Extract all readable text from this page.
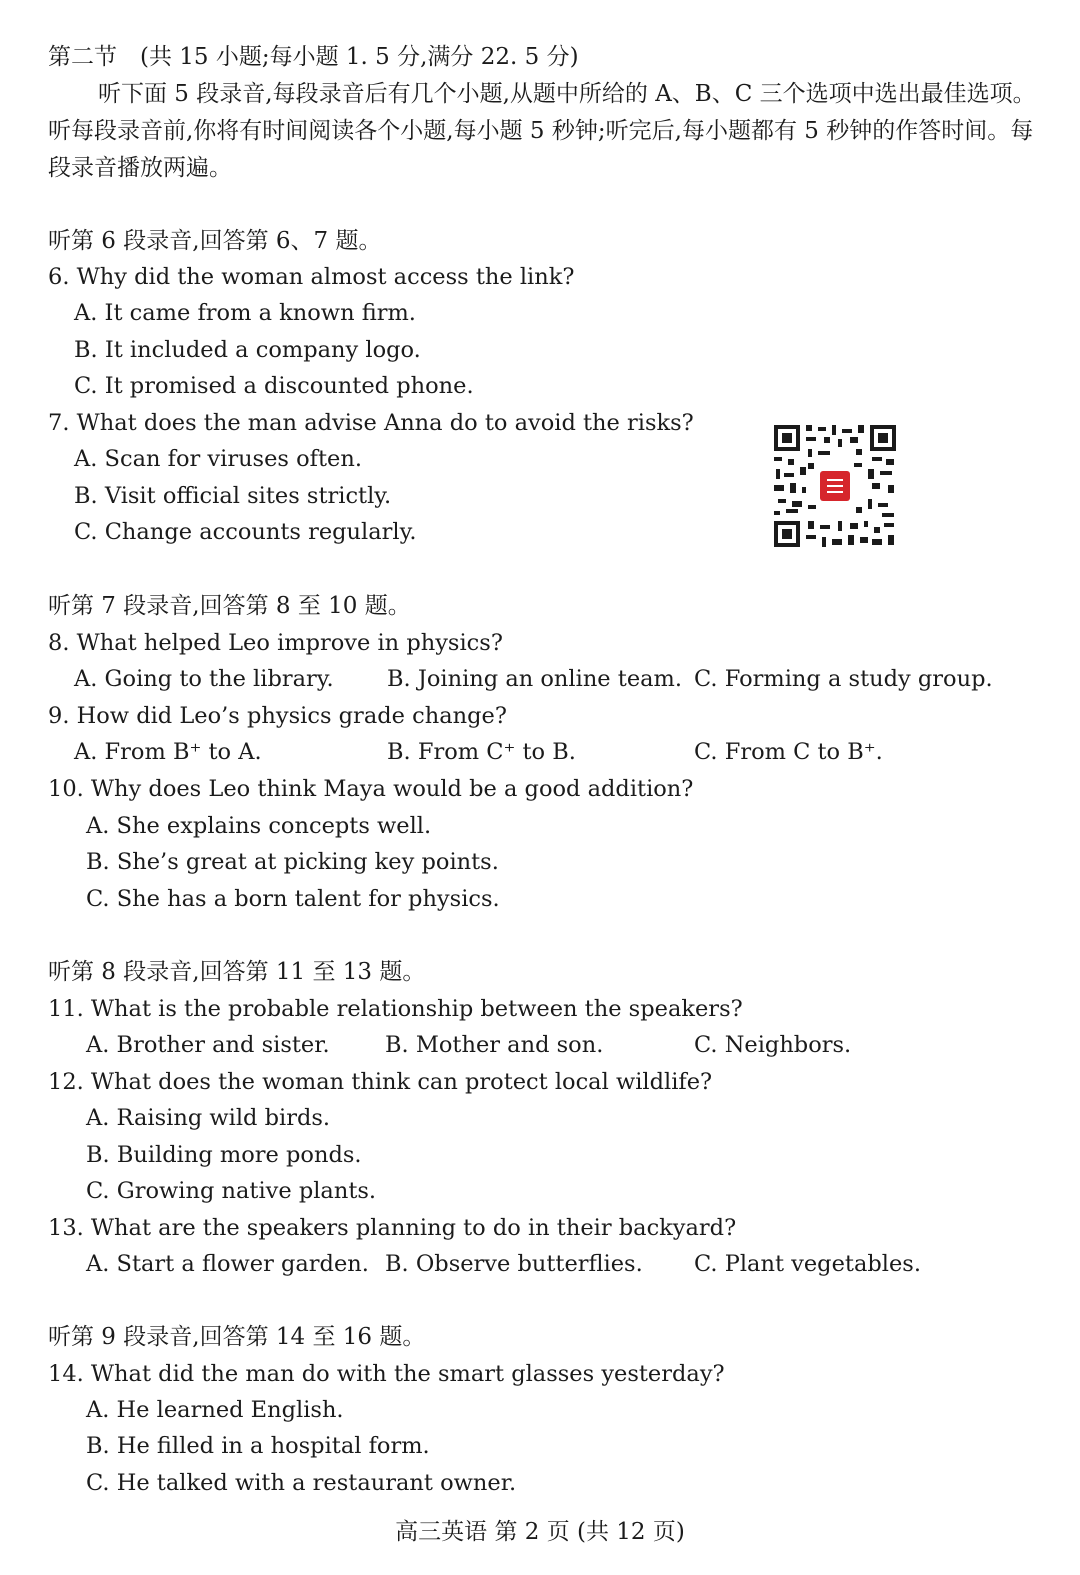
第二节　(共 15 小题;每小题 1. 5 分,满分 22. 5 分)

听下面 5 段录音,每段录音后有几个小题,从题中所给的 A、B、C 三个选项中选出最佳选项。听每段录音前,你将有时间阅读各个小题,每小题 5 秒钟;听完后,每小题都有 5 秒钟的作答时间。每段录音播放两遍。

听第 6 段录音,回答第 6、7 题。
6. Why did the woman almost access the link?
A. It came from a known firm.
B. It included a company logo.
C. It promised a discounted phone.
7. What does the man advise Anna do to avoid the risks?
A. Scan for viruses often.
B. Visit official sites strictly.
C. Change accounts regularly.
听第 7 段录音,回答第 8 至 10 题。
8. What helped Leo improve in physics?
A. Going to the library. B. Joining an online team. C. Forming a study group.
9. How did Leo’s physics grade change?
A. From B⁺ to A.	B. From C⁺ to B.	C. From C to B⁺.
10. Why does Leo think Maya would be a good addition?
A. She explains concepts well.
B. She’s great at picking key points.
C. She has a born talent for physics.
听第 8 段录音,回答第 11 至 13 题。
11. What is the probable relationship between the speakers?
A. Brother and sister. B. Mother and son.	C. Neighbors.
12. What does the woman think can protect local wildlife?
A. Raising wild birds.
B. Building more ponds.
C. Growing native plants.
13. What are the speakers planning to do in their backyard?
A. Start a flower garden. B. Observe butterflies. C. Plant vegetables.
听第 9 段录音,回答第 14 至 16 题。
14. What did the man do with the smart glasses yesterday?
A. He learned English.
B. He filled in a hospital form.
C. He talked with a restaurant owner.
高三英语 第 2 页 (共 12 页)
